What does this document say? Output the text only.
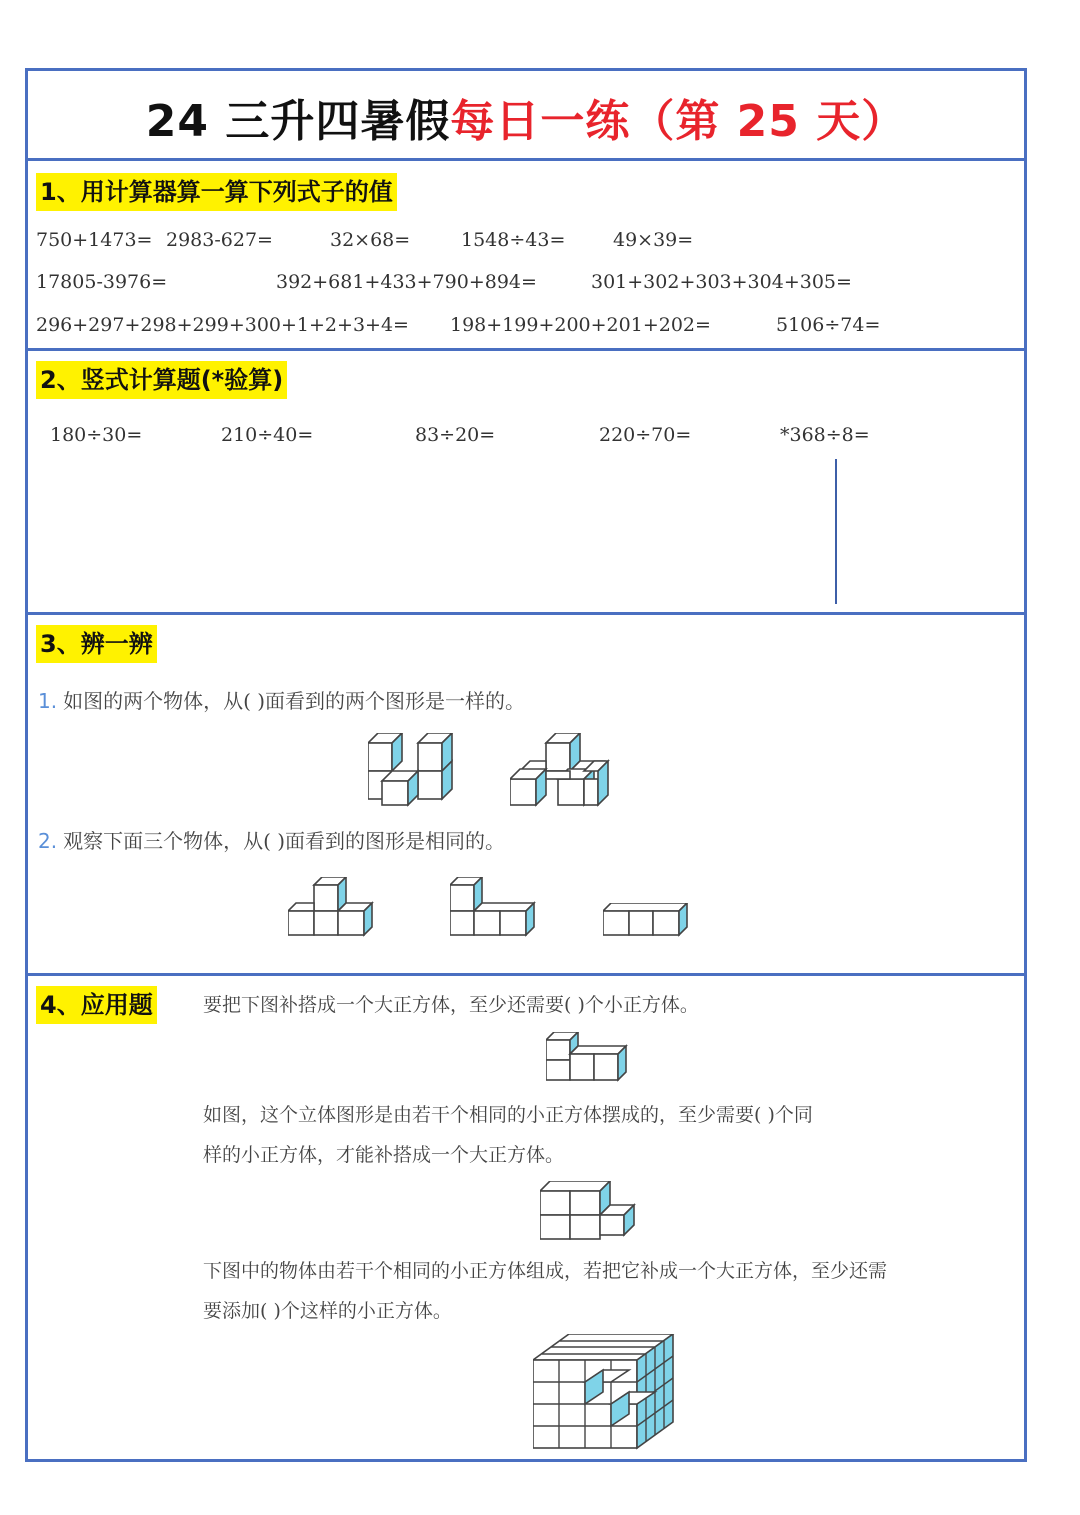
24 三升四暑假每日一练（第 25 天）
1、用计算器算一算下列式子的值
750+1473= 2983-627=	32×68=	1548÷43=	49×39=
17805-3976=	392+681+433+790+894=	301+302+303+304+305=
296+297+298+299+300+1+2+3+4= 198+199+200+201+202=	5106÷74=
2、竖式计算题(*验算)
180÷30=	210÷40=	83÷20=	220÷70=	*368÷8=
3、辨一辨
1. 如图的两个物体，从( )面看到的两个图形是一样的。
2. 观察下面三个物体，从( )面看到的图形是相同的。
4、应用题	要把下图补搭成一个大正方体，至少还需要( )个小正方体。
如图，这个立体图形是由若干个相同的小正方体摆成的，至少需要( )个同
样的小正方体，才能补搭成一个大正方体。
下图中的物体由若干个相同的小正方体组成，若把它补成一个大正方体，至少还需
要添加( )个这样的小正方体。
